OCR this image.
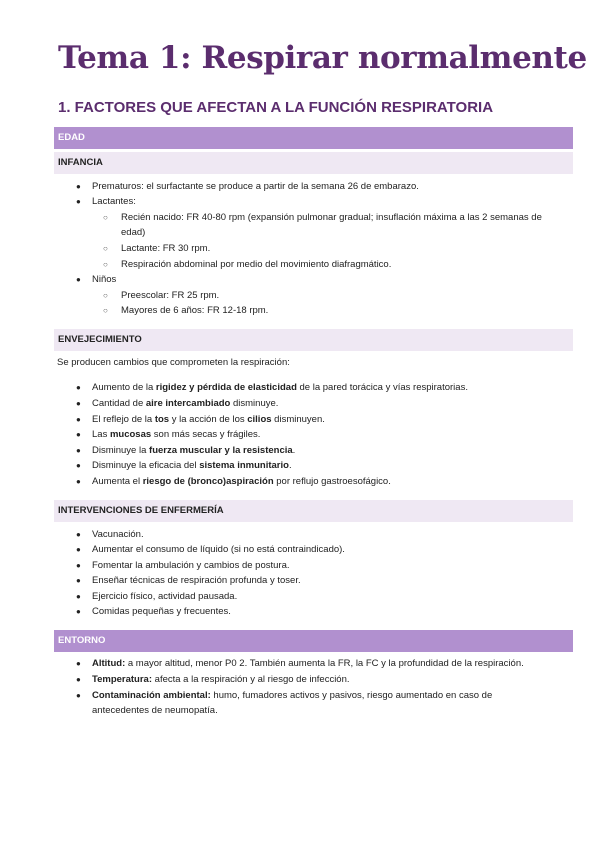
Tema 1: Respirar normalmente
1. FACTORES QUE AFECTAN A LA FUNCIÓN RESPIRATORIA
EDAD
INFANCIA
● Prematuros: el surfactante se produce a partir de la semana 26 de embarazo.
● Lactantes:
○ Recién nacido: FR 40-80 rpm (expansión pulmonar gradual; insuflación máxima a las 2 semanas de
edad)
○ Lactante: FR 30 rpm.
○ Respiración abdominal por medio del movimiento diafragmático.
● Niños
○ Preescolar: FR 25 rpm.
○ Mayores de 6 años: FR 12-18 rpm.
ENVEJECIMIENTO
Se producen cambios que comprometen la respiración:
● Aumento de la rigidez y pérdida de elasticidad de la pared torácica y vías respiratorias.
● Cantidad de aire intercambiado disminuye.
● El reflejo de la tos y la acción de los cilios disminuyen.
● Las mucosas son más secas y frágiles.
● Disminuye la fuerza muscular y la resistencia.
● Disminuye la eficacia del sistema inmunitario.
● Aumenta el riesgo de (bronco)aspiración por reflujo gastroesofágico.
INTERVENCIONES DE ENFERMERÍA
● Vacunación.
● Aumentar el consumo de líquido (si no está contraindicado).
● Fomentar la ambulación y cambios de postura.
● Enseñar técnicas de respiración profunda y toser.
● Ejercicio físico, actividad pausada.
● Comidas pequeñas y frecuentes.
ENTORNO
● Altitud: a mayor altitud, menor P0 2. También aumenta la FR, la FC y la profundidad de la respiración.
● Temperatura: afecta a la respiración y al riesgo de infección.
● Contaminación ambiental: humo, fumadores activos y pasivos, riesgo aumentado en caso de
antecedentes de neumopatía.
